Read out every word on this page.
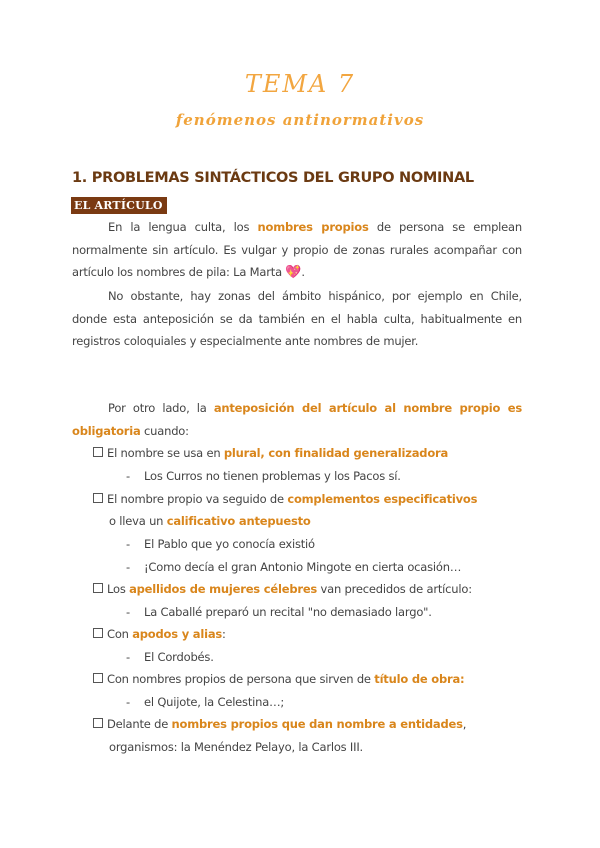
TEMA 7
fenómenos antinormativos
1. PROBLEMAS SINTÁCTICOS DEL GRUPO NOMINAL
EL ARTÍCULO
En la lengua culta, los nombres propios de persona se emplean normalmente sin artículo. Es vulgar y propio de zonas rurales acompañar con artículo los nombres de pila: La Marta 💖.
No obstante, hay zonas del ámbito hispánico, por ejemplo en Chile, donde esta anteposición se da también en el habla culta, habitualmente en registros coloquiales y especialmente ante nombres de mujer.
Por otro lado, la anteposición del artículo al nombre propio es obligatoria cuando:
El nombre se usa en plural, con finalidad generalizadora
- Los Curros no tienen problemas y los Pacos sí.
El nombre propio va seguido de complementos especificativos
o lleva un calificativo antepuesto
- El Pablo que yo conocía existió
- ¡Como decía el gran Antonio Mingote en cierta ocasión…
Los apellidos de mujeres célebres van precedidos de artículo:
- La Caballé preparó un recital "no demasiado largo".
Con apodos y alias:
- El Cordobés.
Con nombres propios de persona que sirven de título de obra:
- el Quijote, la Celestina…;
Delante de nombres propios que dan nombre a entidades,
organismos: la Menéndez Pelayo, la Carlos III.
